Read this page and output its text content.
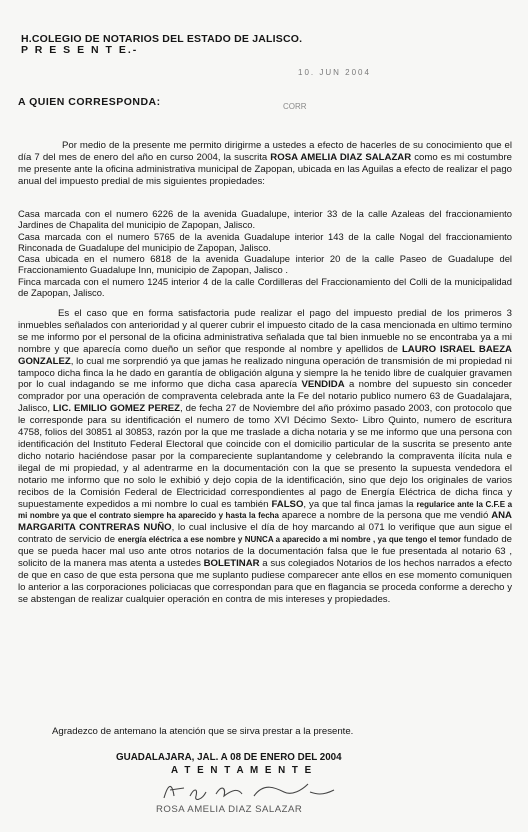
H.COLEGIO DE NOTARIOS DEL ESTADO DE JALISCO.
P R E S E N T E.-
10. JUN 2004
A QUIEN CORRESPONDA:	CORR
Por medio de la presente me permito dirigirme a ustedes a efecto de hacerles de su conocimiento que el día 7 del mes de enero del año en curso 2004, la suscrita ROSA AMELIA DIAZ SALAZAR como es mi costumbre me presente ante la oficina administrativa municipal de Zapopan, ubicada en las Aguilas a efecto de realizar el pago anual del impuesto predial de mis siguientes propiedades:

Casa marcada con el numero 6226 de la avenida Guadalupe, interior 33 de la calle Azaleas del fraccionamiento Jardines de Chapalita del municipio de Zapopan, Jalisco.

Casa marcada con el numero 5765 de la avenida Guadalupe interior 143 de la calle Nogal del fraccionamiento Rinconada de Guadalupe del municipio de Zapopan, Jalisco.

Casa ubicada en el numero 6818 de la avenida Guadalupe interior 20 de la calle Paseo de Guadalupe del Fraccionamiento Guadalupe Inn, municipio de Zapopan, Jalisco .

Finca marcada con el numero 1245 interior 4 de la calle Cordilleras del Fraccionamiento del Colli de la municipalidad de Zapopan, Jalisco.

Es el caso que en forma satisfactoria pude realizar el pago del impuesto predial de los primeros 3 inmuebles señalados con anterioridad y al querer cubrir el impuesto citado de la casa mencionada en ultimo termino se me informo por el personal de la oficina administrativa señalada que tal bien inmueble no se encontraba ya a mi nombre y que aparecía como dueño un señor que responde al nombre y apellidos de LAURO ISRAEL BAEZA GONZALEZ, lo cual me sorprendió ya que jamas he realizado ninguna operación de transmisión de mi propiedad ni tampoco dicha finca la he dado en garantía de obligación alguna y siempre la he tenido libre de cualquier gravamen por lo cual indagando se me informo que dicha casa aparecía VENDIDA a nombre del supuesto sin conceder comprador por una operación de compraventa celebrada ante la Fe del notario publico numero 63 de Guadalajara, Jalisco, LIC. EMILIO GOMEZ PEREZ, de fecha 27 de Noviembre del año próximo pasado 2003, con protocolo que le corresponde para su identificación el numero de tomo XVI Décimo Sexto- Libro Quinto, numero de escritura 4758, folios del 30851 al 30853, razón por la que me traslade a dicha notaria y se me informo que una persona con identificación del Instituto Federal Electoral que coincide con el domicilio particular de la suscrita se presento ante dicho notario haciéndose pasar por la compareciente suplantandome y celebrando la compraventa ilícita nula e ilegal de mi propiedad, y al adentrarme en la documentación con la que se presento la supuesta vendedora el notario me informo que no solo le exhibió y dejo copia de la identificación, sino que dejo los originales de varios recibos de la Comisión Federal de Electricidad correspondientes al pago de Energía Eléctrica de dicha finca y supuestamente expedidos a mi nombre lo cual es también FALSO, ya que tal finca jamas la regularice ante la C.F.E a mi nombre ya que el contrato siempre ha aparecido y hasta la fecha aparece a nombre de la persona que me vendió ANA MARGARITA CONTRERAS NUÑO, lo cual inclusive el día de hoy marcando al 071 lo verifique que aun sigue el contrato de servicio de energía eléctrica a ese nombre y NUNCA a aparecido a mi nombre , ya que tengo el temor fundado de que se pueda hacer mal uso ante otros notarios de la documentación falsa que le fue presentada al notario 63 , solicito de la manera mas atenta a ustedes BOLETINAR a sus colegiados Notarios de los hechos narrados a efecto de que en caso de que esta persona que me suplanto pudiese comparecer ante ellos en ese momento comuniquen lo anterior a las corporaciones policiacas que correspondan para que en flagancia se proceda conforme a derecho y se abstengan de realizar cualquier operación en contra de mis intereses y propiedades.
Agradezco de antemano la atención que se sirva prestar a la presente.
GUADALAJARA, JAL. A 08 DE ENERO DEL 2004
A T E N T A M E N T E
ROSA AMELIA DIAZ SALAZAR
